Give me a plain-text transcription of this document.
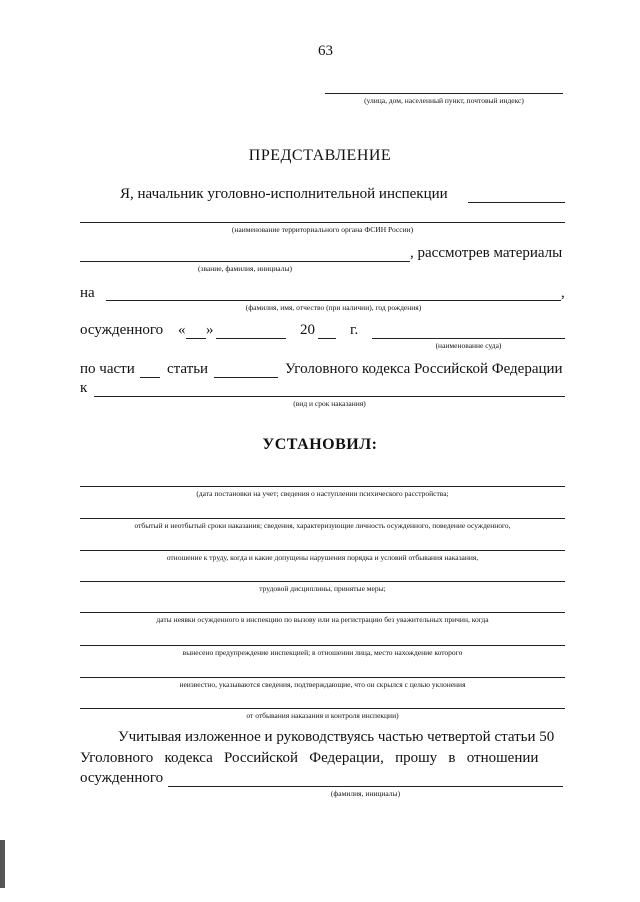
63
(улица, дом, населенный пункт, почтовый индекс)
ПРЕДСТАВЛЕНИЕ
Я, начальник уголовно-исполнительной инспекции
(наименование территориального органа ФСИН России)
, рассмотрев материалы
(звание, фамилия, инициалы)
на	,
(фамилия, имя, отчество (при наличии), год рождения)
осужденного « »	20 г.
(наименование суда)
по части статьи	Уголовного кодекса Российской Федерации
к
(вид и срок наказания)
УСТАНОВИЛ:
(дата постановки на учет; сведения о наступлении психического расстройства;
отбытый и неотбытый сроки наказания; сведения, характеризующие личность осужденного, поведение осужденного,
отношение к труду, когда и какие допущены нарушения порядка и условий отбывания наказания,
трудовой дисциплины, принятые меры;
даты неявки осужденного в инспекцию по вызову или на регистрацию без уважительных причин, когда
вынесено предупреждение инспекцией; в отношении лица, место нахождение которого
неизвестно, указываются сведения, подтверждающие, что он скрылся с целью уклонения
от отбывания наказания и контроля инспекции)
Учитывая изложенное и руководствуясь частью четвертой статьи 50
Уголовного   кодекса   Российской   Федерации,   прошу   в   отношении
осужденного
(фамилия, инициалы)
